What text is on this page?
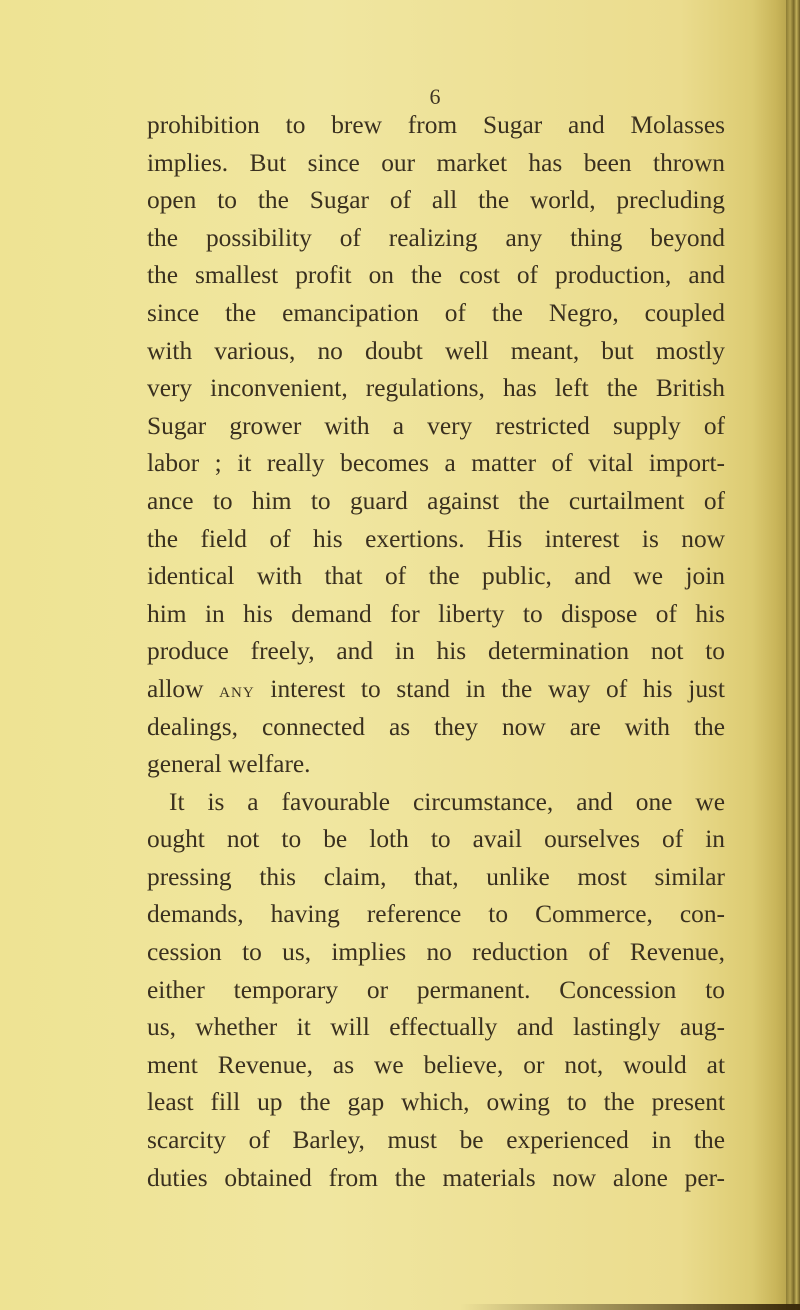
6
prohibition to brew from Sugar and Molasses
implies. But since our market has been thrown
open to the Sugar of all the world, precluding
the possibility of realizing any thing beyond
the smallest profit on the cost of production, and
since the emancipation of the Negro, coupled
with various, no doubt well meant, but mostly
very inconvenient, regulations, has left the British
Sugar grower with a very restricted supply of
labor ; it really becomes a matter of vital import-
ance to him to guard against the curtailment of
the field of his exertions. His interest is now
identical with that of the public, and we join
him in his demand for liberty to dispose of his
produce freely, and in his determination not to
allow any interest to stand in the way of his just
dealings, connected as they now are with the
general welfare.
It is a favourable circumstance, and one we
ought not to be loth to avail ourselves of in
pressing this claim, that, unlike most similar
demands, having reference to Commerce, con-
cession to us, implies no reduction of Revenue,
either temporary or permanent. Concession to
us, whether it will effectually and lastingly aug-
ment Revenue, as we believe, or not, would at
least fill up the gap which, owing to the present
scarcity of Barley, must be experienced in the
duties obtained from the materials now alone per-
